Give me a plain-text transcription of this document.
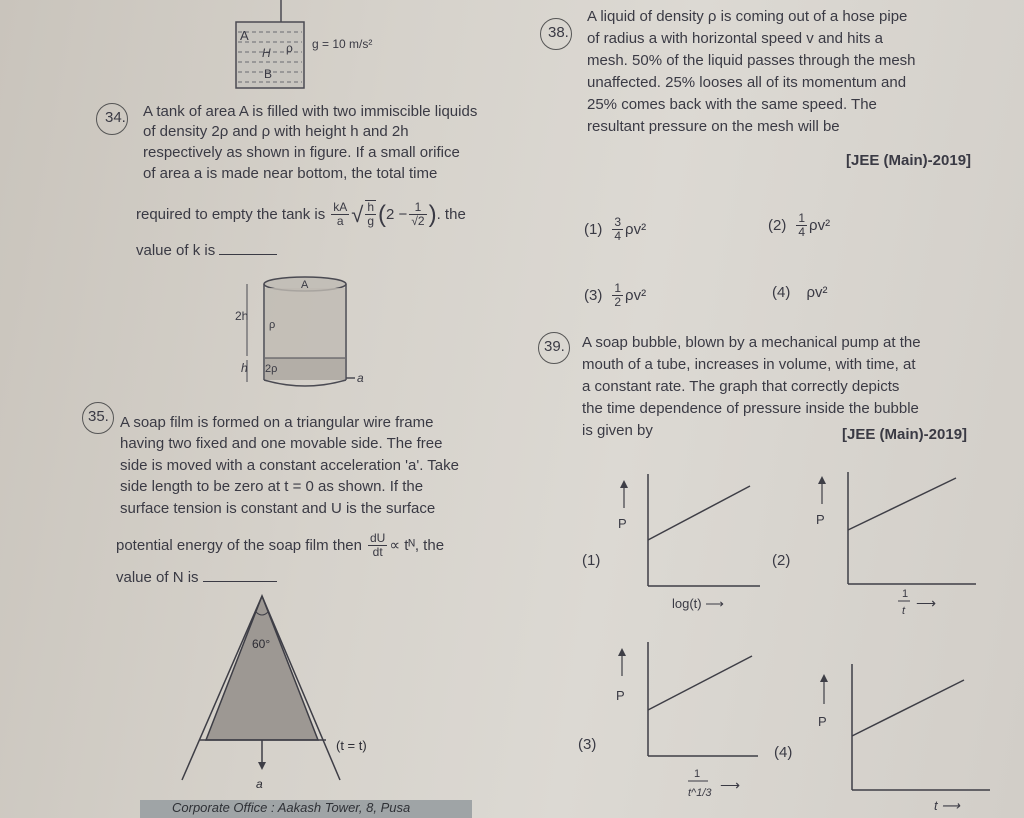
A
H ρ
B
g = 10 m/s²
34. A tank of area A is filled with two immiscible liquids
of density 2ρ and ρ with height h and 2h
respectively as shown in figure. If a small orifice
of area a is made near bottom, the total time
required to empty the tank is $\frac{kA}{a}$ √ $\frac{h}{g}$ ( $2 - \frac{1}{√2}$ ) . the
value of k is
2h
ρ
h 2ρ
a
A
35. A soap film is formed on a triangular wire frame
having two fixed and one movable side. The free
side is moved with a constant acceleration 'a'. Take
side length to be zero at t = 0 as shown. If the
surface tension is constant and U is the surface
potential energy of the soap film then $\frac{dU}{dt}$ ∝ tᴺ, the
value of N is
60°
(t = t)
a
38.
A liquid of density ρ is coming out of a hose pipe
of radius a with horizontal speed v and hits a
mesh. 50% of the liquid passes through the mesh
unaffected. 25% looses all of its momentum and
25% comes back with the same speed. The
resultant pressure on the mesh will be
[JEE (Main)-2019]
$(1) \frac{3}{4} \rho v^2$	$(2) \frac{1}{4} \rho v^2$
$(3) \frac{1}{2} \rho v^2$	(4) ρv²
39. A soap bubble, blown by a mechanical pump at the
mouth of a tube, increases in volume, with time, at
a constant rate. The graph that correctly depicts
the time dependence of pressure inside the bubble
is given by	[JEE (Main)-2019]
(1)
P
log(t) ⟶
(2)
P
1
t ⟶
(3)
P
1
t^1/3 ⟶
(4)
P
t ⟶
Corporate Office : Aakash Tower, 8, Pusa
